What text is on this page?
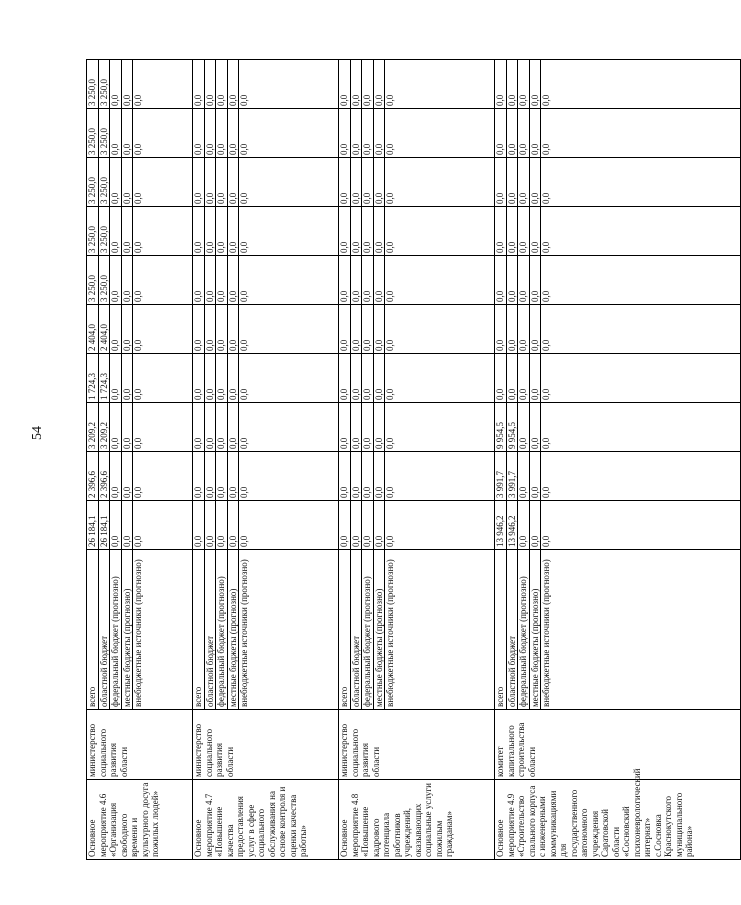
54
Основное мероприятие 4.6 «Организация свободного времени и культурного досуга пожилых людей»	министерство социального развития области	всего	26 184,1	2 396,6	3 209,2	1 724,3	2 404,0	3 250,0	3 250,0	3 250,0	3 250,0	3 250,0
		областной бюджет	26 184,1	2 396,6	3 209,2	1 724,3	2 404,0	3 250,0	3 250,0	3 250,0	3 250,0	3 250,0
		федеральный бюджет (прогнозно)	0,0	0,0	0,0	0,0	0,0	0,0	0,0	0,0	0,0	0,0
		местные бюджеты (прогнозно)	0,0	0,0	0,0	0,0	0,0	0,0	0,0	0,0	0,0	0,0
		внебюджетные источники (прогнозно)	0,0	0,0	0,0	0,0	0,0	0,0	0,0	0,0	0,0	0,0
Основное мероприятие 4.7 «Повышение качества предоставления услуг в сфере социального обслуживания на основе контроля и оценки качества работы»	министерство социального развития области	всего	0,0	0,0	0,0	0,0	0,0	0,0	0,0	0,0	0,0	0,0
		областной бюджет	0,0	0,0	0,0	0,0	0,0	0,0	0,0	0,0	0,0	0,0
		федеральный бюджет (прогнозно)	0,0	0,0	0,0	0,0	0,0	0,0	0,0	0,0	0,0	0,0
		местные бюджеты (прогнозно)	0,0	0,0	0,0	0,0	0,0	0,0	0,0	0,0	0,0	0,0
		внебюджетные источники (прогнозно)	0,0	0,0	0,0	0,0	0,0	0,0	0,0	0,0	0,0	0,0
Основное мероприятие 4.8 «Повышение кадрового потенциала работников учреждений, оказывающих социальные услуги пожилым гражданам»	министерство социального развития области	всего	0,0	0,0	0,0	0,0	0,0	0,0	0,0	0,0	0,0	0,0
		областной бюджет	0,0	0,0	0,0	0,0	0,0	0,0	0,0	0,0	0,0	0,0
		федеральный бюджет (прогнозно)	0,0	0,0	0,0	0,0	0,0	0,0	0,0	0,0	0,0	0,0
		местные бюджеты (прогнозно)	0,0	0,0	0,0	0,0	0,0	0,0	0,0	0,0	0,0	0,0
		внебюджетные источники (прогнозно)	0,0	0,0	0,0	0,0	0,0	0,0	0,0	0,0	0,0	0,0
Основное мероприятие 4.9 «Строительство спального корпуса с инженерными коммуникациями для государственного автономного учреждения Саратовской области «Сосновский психоневрологический интернат» с.Сосновка Краснокутского муниципального района»	комитет капитального строительства области	всего	13 946,2	3 991,7	9 954,5	0,0	0,0	0,0	0,0	0,0	0,0	0,0
		областной бюджет	13 946,2	3 991,7	9 954,5	0,0	0,0	0,0	0,0	0,0	0,0	0,0
		федеральный бюджет (прогнозно)	0,0	0,0	0,0	0,0	0,0	0,0	0,0	0,0	0,0	0,0
		местные бюджеты (прогнозно)	0,0	0,0	0,0	0,0	0,0	0,0	0,0	0,0	0,0	0,0
		внебюджетные источники (прогнозно)	0,0	0,0	0,0	0,0	0,0	0,0	0,0	0,0	0,0	0,0
